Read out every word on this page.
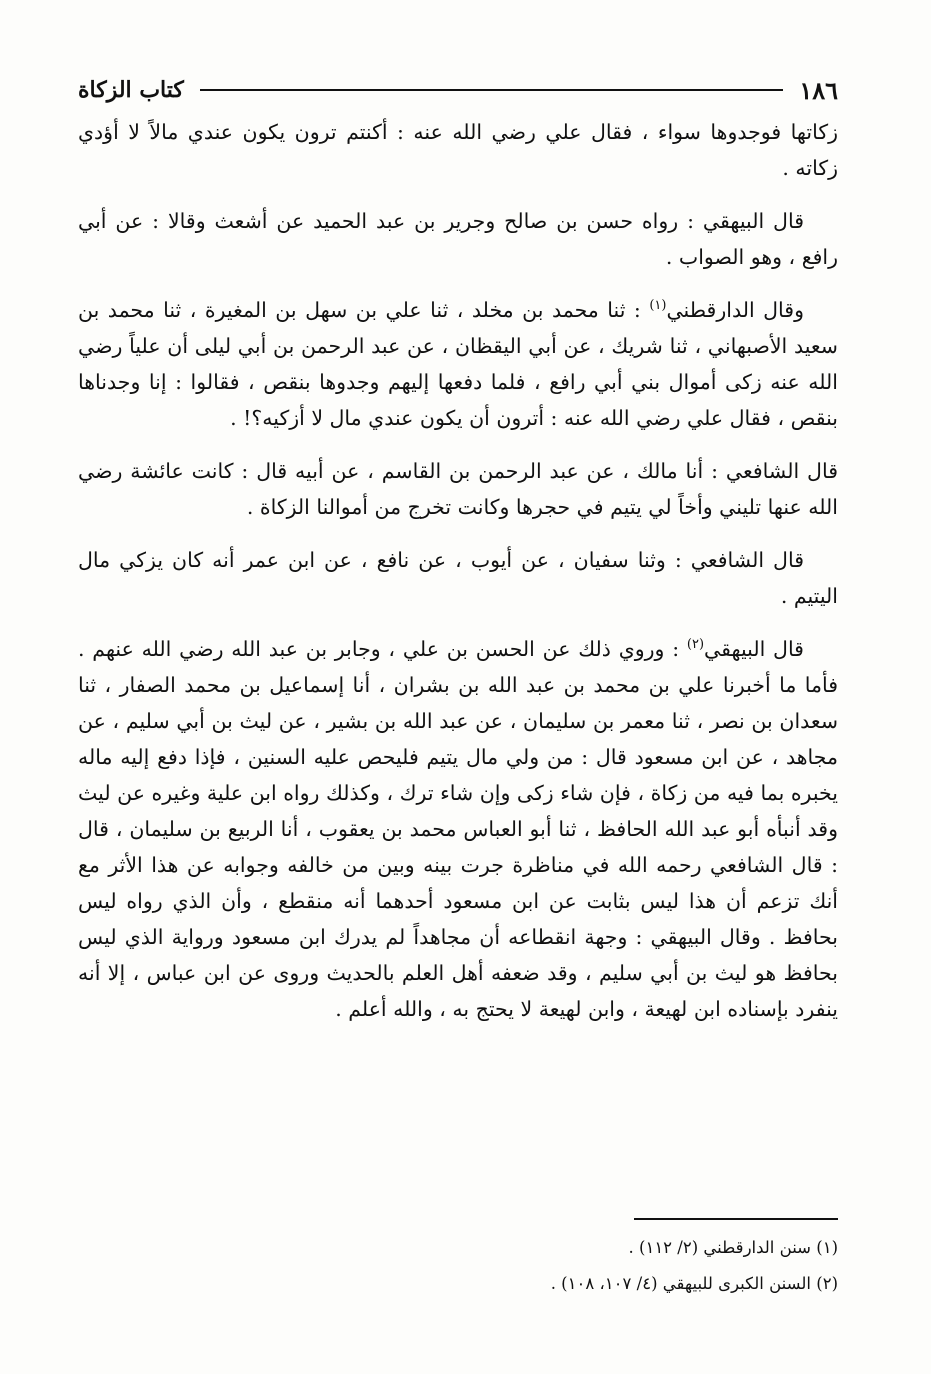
١٨٦
كتاب الزكاة

زكاتها فوجدوها سواء ، فقال علي رضي الله عنه : أكنتم ترون يكون عندي مالاً لا أؤدي زكاته .

قال البيهقي : رواه حسن بن صالح وجرير بن عبد الحميد عن أشعث وقالا : عن أبي رافع ، وهو الصواب .

وقال الدارقطني$^{(١)}$ : ثنا محمد بن مخلد ، ثنا علي بن سهل بن المغيرة ، ثنا محمد بن سعيد الأصبهاني ، ثنا شريك ، عن أبي اليقظان ، عن عبد الرحمن بن أبي ليلى أن علياً رضي الله عنه زكى أموال بني أبي رافع ، فلما دفعها إليهم وجدوها بنقص ، فقالوا : إنا وجدناها بنقص ، فقال علي رضي الله عنه : أترون أن يكون عندي مال لا أزكيه؟! .

قال الشافعي : أنا مالك ، عن عبد الرحمن بن القاسم ، عن أبيه قال : كانت عائشة رضي الله عنها تليني وأخاً لي يتيم في حجرها وكانت تخرج من أموالنا الزكاة .

قال الشافعي : وثنا سفيان ، عن أيوب ، عن نافع ، عن ابن عمر أنه كان يزكي مال اليتيم .

قال البيهقي$^{(٢)}$ : وروي ذلك عن الحسن بن علي ، وجابر بن عبد الله رضي الله عنهم . فأما ما أخبرنا علي بن محمد بن عبد الله بن بشران ، أنا إسماعيل بن محمد الصفار ، ثنا سعدان بن نصر ، ثنا معمر بن سليمان ، عن عبد الله بن بشير ، عن ليث بن أبي سليم ، عن مجاهد ، عن ابن مسعود قال : من ولي مال يتيم فليحص عليه السنين ، فإذا دفع إليه ماله يخبره بما فيه من زكاة ، فإن شاء زكى وإن شاء ترك ، وكذلك رواه ابن علية وغيره عن ليث وقد أنبأه أبو عبد الله الحافظ ، ثنا أبو العباس محمد بن يعقوب ، أنا الربيع بن سليمان ، قال : قال الشافعي رحمه الله في مناظرة جرت بينه وبين من خالفه وجوابه عن هذا الأثر مع أنك تزعم أن هذا ليس بثابت عن ابن مسعود أحدهما أنه منقطع ، وأن الذي رواه ليس بحافظ . وقال البيهقي : وجهة انقطاعه أن مجاهداً لم يدرك ابن مسعود ورواية الذي ليس بحافظ هو ليث بن أبي سليم ، وقد ضعفه أهل العلم بالحديث وروى عن ابن عباس ، إلا أنه ينفرد بإسناده ابن لهيعة ، وابن لهيعة لا يحتج به ، والله أعلم .

(١) سنن الدارقطني (٢/ ١١٢) .

(٢) السنن الكبرى للبيهقي (٤/ ١٠٧، ١٠٨) .
